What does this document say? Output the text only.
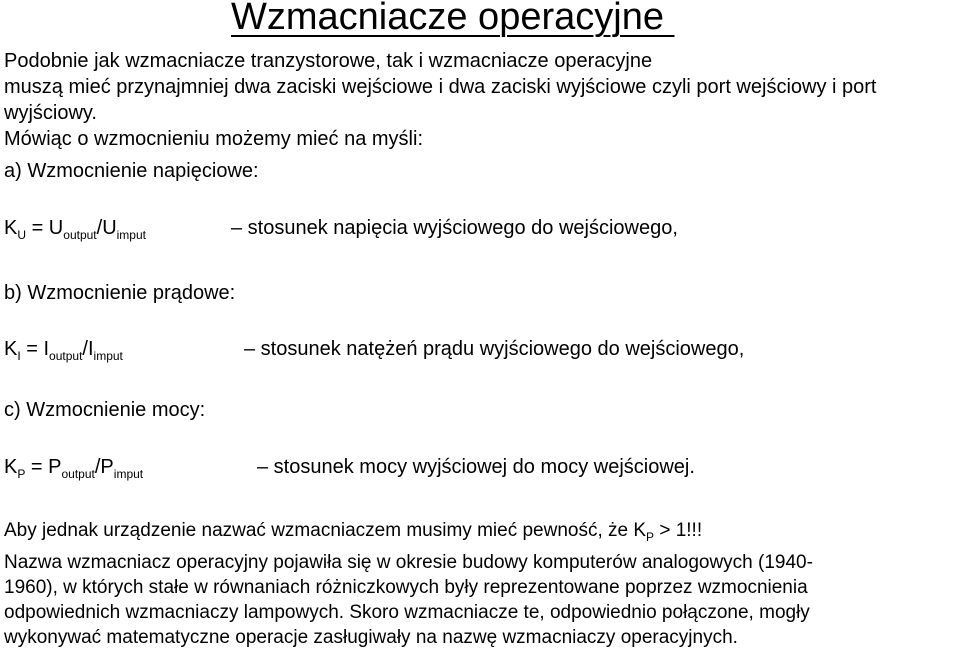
Wzmacniacze operacyjne
Podobnie jak wzmacniacze tranzystorowe, tak i wzmacniacze operacyjne
muszą mieć przynajmniej dwa zaciski wejściowe i dwa zaciski wyjściowe czyli port wejściowy i port
wyjściowy.
Mówiąc o wzmocnieniu możemy mieć na myśli:
a) Wzmocnienie napięciowe:
$K_U = U_{output}/U_{imput}$	– stosunek napięcia wyjściowego do wejściowego,
b) Wzmocnienie prądowe:
$K_I = I_{output}/I_{imput}$	– stosunek natężeń prądu wyjściowego do wejściowego,
c) Wzmocnienie mocy:
$K_P = P_{output}/P_{imput}$	– stosunek mocy wyjściowej do mocy wejściowej.
Aby jednak urządzenie nazwać wzmacniaczem musimy mieć pewność, że $K_P > 1$!!!
Nazwa wzmacniacz operacyjny pojawiła się w okresie budowy komputerów analogowych (1940-
1960), w których stałe w równaniach różniczkowych były reprezentowane poprzez wzmocnienia
odpowiednich wzmacniaczy lampowych. Skoro wzmacniacze te, odpowiednio połączone, mogły
wykonywać matematyczne operacje zasługiwały na nazwę wzmacniaczy operacyjnych.
